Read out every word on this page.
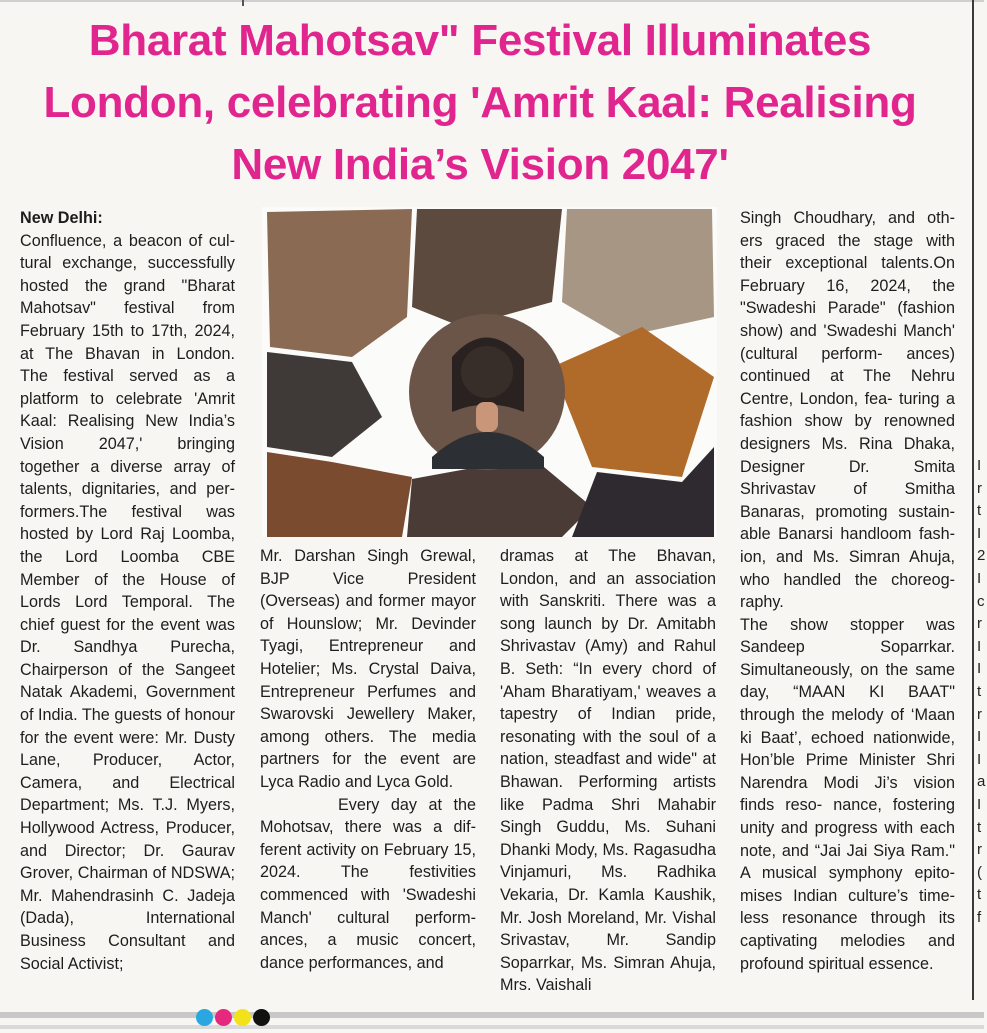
Bharat Mahotsav" Festival Illuminates London, celebrating 'Amrit Kaal: Realising New India’s Vision 2047'

New Delhi:

Confluence, a beacon of cul- tural exchange, successfully hosted the grand "Bharat Mahotsav" festival from February 15th to 17th, 2024, at The Bhavan in London. The festival served as a platform to celebrate 'Amrit Kaal: Realising New India’s Vision 2047,' bringing together a diverse array of talents, dignitaries, and per- formers.The festival was hosted by Lord Raj Loomba, the Lord Loomba CBE Member of the House of Lords Lord Temporal. The chief guest for the event was Dr. Sandhya Purecha, Chairperson of the Sangeet Natak Akademi, Government of India. The guests of honour for the event were: Mr. Dusty Lane, Producer, Actor, Camera, and Electrical Department; Ms. T.J. Myers, Hollywood Actress, Producer, and Director; Dr. Gaurav Grover, Chairman of NDSWA; Mr. Mahendrasinh C. Jadeja (Dada), International Business Consultant and Social Activist;

Mr. Darshan Singh Grewal, BJP Vice President (Overseas) and former mayor of Hounslow; Mr. Devinder Tyagi, Entrepreneur and Hotelier; Ms. Crystal Daiva, Entrepreneur Perfumes and Swarovski Jewellery Maker, among others. The media partners for the event are Lyca Radio and Lyca Gold.

Every day at the Mohotsav, there was a dif- ferent activity on February 15, 2024. The festivities commenced with 'Swadeshi Manch' cultural perform- ances, a music concert, dance performances, and

dramas at The Bhavan, London, and an association with Sanskriti. There was a song launch by Dr. Amitabh Shrivastav (Amy) and Rahul B. Seth: “In every chord of 'Aham Bharatiyam,' weaves a tapestry of Indian pride, resonating with the soul of a nation, steadfast and wide" at Bhawan. Performing artists like Padma Shri Mahabir Singh Guddu, Ms. Suhani Dhanki Mody, Ms. Ragasudha Vinjamuri, Ms. Radhika Vekaria, Dr. Kamla Kaushik, Mr. Josh Moreland, Mr. Vishal Srivastav, Mr. Sandip Soparrkar, Ms. Simran Ahuja, Mrs. Vaishali

Singh Choudhary, and oth- ers graced the stage with their exceptional talents.On February 16, 2024, the "Swadeshi Parade" (fashion show) and 'Swadeshi Manch' (cultural perform- ances) continued at The Nehru Centre, London, fea- turing a fashion show by renowned designers Ms. Rina Dhaka, Designer Dr. Smita Shrivastav of Smitha Banaras, promoting sustain- able Banarsi handloom fash- ion, and Ms. Simran Ahuja, who handled the choreog- raphy.

The show stopper was Sandeep Soparrkar. Simultaneously, on the same day, “MAAN KI BAAT" through the melody of ‘Maan ki Baat’, echoed nationwide, Hon’ble Prime Minister Shri Narendra Modi Ji’s vision finds reso- nance, fostering unity and progress with each note, and “Jai Jai Siya Ram." A musical symphony epito- mises Indian culture’s time- less resonance through its captivating melodies and profound spiritual essence.

I
r
t
I
2
I
c
r
I
I
t
r
I
I
a
I
t
r
(
t
f
